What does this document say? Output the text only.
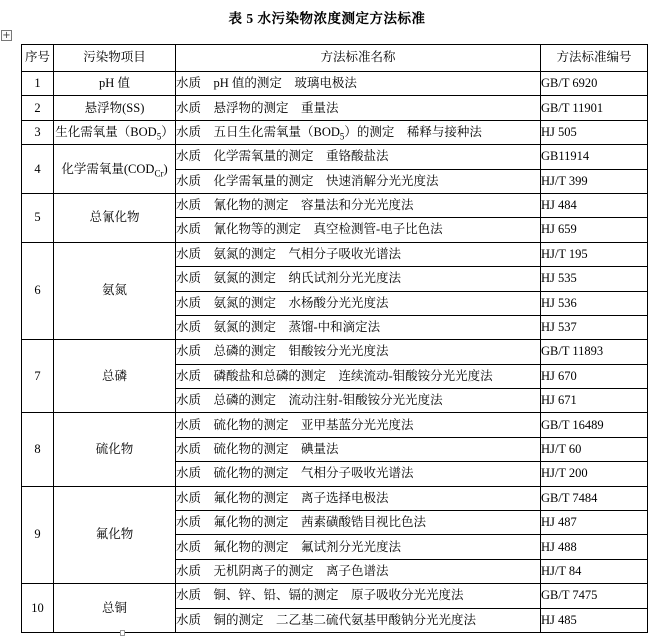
表 5 水污染物浓度测定方法标准
+
序号	污染物项目	方法标准名称	方法标准编号
1	pH 值	水质　pH 值的测定　玻璃电极法	GB/T 6920
2	悬浮物(SS)	水质　悬浮物的测定　重量法	GB/T 11901
3	生化需氧量$(BOD_5)$	水质　五日生化需氧量$(BOD_5)$的测定　稀释与接种法	HJ 505
4	化学需氧量$(COD_{Cr})$	水质　化学需氧量的测定　重铬酸盐法	GB11914
		水质　化学需氧量的测定　快速消解分光光度法	HJ/T 399
5	总氰化物	水质　氰化物的测定　容量法和分光光度法	HJ 484
		水质　氰化物等的测定　真空检测管-电子比色法	HJ 659
6	氨氮	水质　氨氮的测定　气相分子吸收光谱法	HJ/T 195
		水质　氨氮的测定　纳氏试剂分光光度法	HJ 535
		水质　氨氮的测定　水杨酸分光光度法	HJ 536
		水质　氨氮的测定　蒸馏-中和滴定法	HJ 537
7	总磷	水质　总磷的测定　钼酸铵分光光度法	GB/T 11893
		水质　磷酸盐和总磷的测定　连续流动-钼酸铵分光光度法	HJ 670
		水质　总磷的测定　流动注射-钼酸铵分光光度法	HJ 671
8	硫化物	水质　硫化物的测定　亚甲基蓝分光光度法	GB/T 16489
		水质　硫化物的测定　碘量法	HJ/T 60
		水质　硫化物的测定　气相分子吸收光谱法	HJ/T 200
9	氟化物	水质　氟化物的测定　离子选择电极法	GB/T 7484
		水质　氟化物的测定　茜素磺酸锆目视比色法	HJ 487
		水质　氟化物的测定　氟试剂分光光度法	HJ 488
		水质　无机阴离子的测定　离子色谱法	HJ/T 84
10	总铜	水质　铜、锌、铅、镉的测定　原子吸收分光光度法	GB/T 7475
		水质　铜的测定　二乙基二硫代氨基甲酸钠分光光度法	HJ 485
